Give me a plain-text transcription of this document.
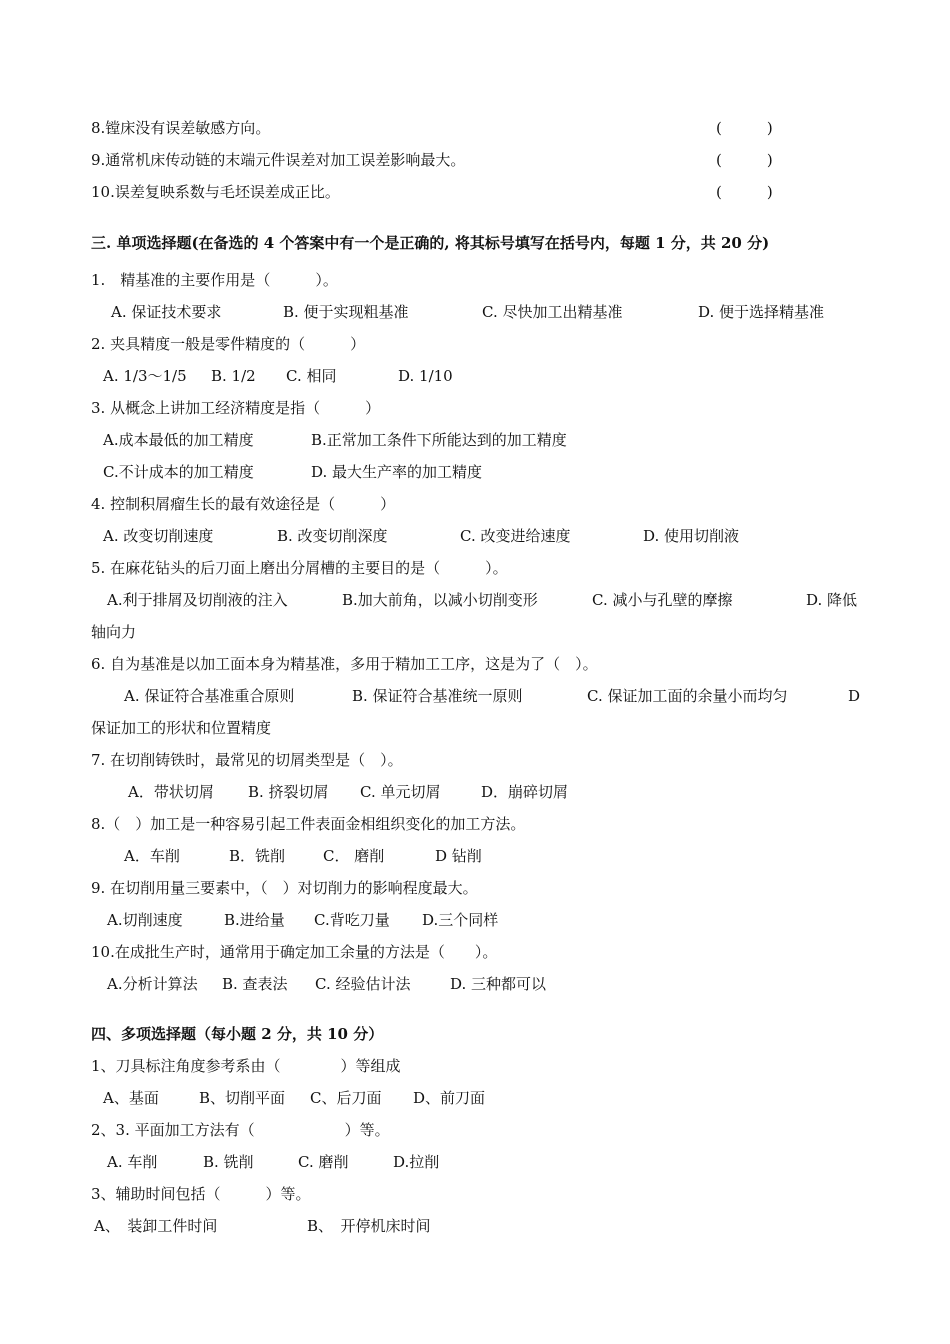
8.镗床没有误差敏感方向。	(　　　)
9.通常机床传动链的末端元件误差对加工误差影响最大。	(　　　)
10.误差复映系数与毛坯误差成正比。	(　　　)
三. 单项选择题(在备选的 4 个答案中有一个是正确的, 将其标号填写在括号内，每题 1 分，共 20 分)
1.　精基准的主要作用是（　　　）。
A. 保证技术要求	B. 便于实现粗基准	C. 尽快加工出精基准	D. 便于选择精基准
2. 夹具精度一般是零件精度的（　　　）
A. 1/3～1/5 B. 1/2 C. 相同	D. 1/10
3. 从概念上讲加工经济精度是指（　　　）
A.成本最低的加工精度	B.正常加工条件下所能达到的加工精度
C.不计成本的加工精度	D. 最大生产率的加工精度
4. 控制积屑瘤生长的最有效途径是（　　　）
A. 改变切削速度	B. 改变切削深度	C. 改变进给速度	D. 使用切削液
5. 在麻花钻头的后刀面上磨出分屑槽的主要目的是（　　　）。
A.利于排屑及切削液的注入	B.加大前角，以减小切削变形	C. 减小与孔壁的摩擦	D. 降低
轴向力
6. 自为基准是以加工面本身为精基准，多用于精加工工序，这是为了（　）。
A. 保证符合基准重合原则	B. 保证符合基准统一原则	C. 保证加工面的余量小而均匀	D
保证加工的形状和位置精度
7. 在切削铸铁时，最常见的切屑类型是（　）。
A．带状切屑 B. 挤裂切屑 C. 单元切屑	D．崩碎切屑
8.（　）加工是一种容易引起工件表面金相组织变化的加工方法。
A．车削	B．铣削	C． 磨削	D 钻削
9. 在切削用量三要素中，（　）对切削力的影响程度最大。
A.切削速度	B.进给量 C.背吃刀量 D.三个同样
10.在成批生产时，通常用于确定加工余量的方法是（　　）。
A.分析计算法 B. 查表法 C. 经验估计法	D. 三种都可以
四、多项选择题（每小题 2 分，共 10 分）
1、刀具标注角度参考系由（　　　　）等组成
A、基面	B、切削平面 C、后刀面 D、前刀面
2、3. 平面加工方法有（　　　　　　）等。
A. 车削	B. 铣削	C. 磨削	D.拉削
3、辅助时间包括（　　　）等。
A、　装卸工件时间	B、　开停机床时间
